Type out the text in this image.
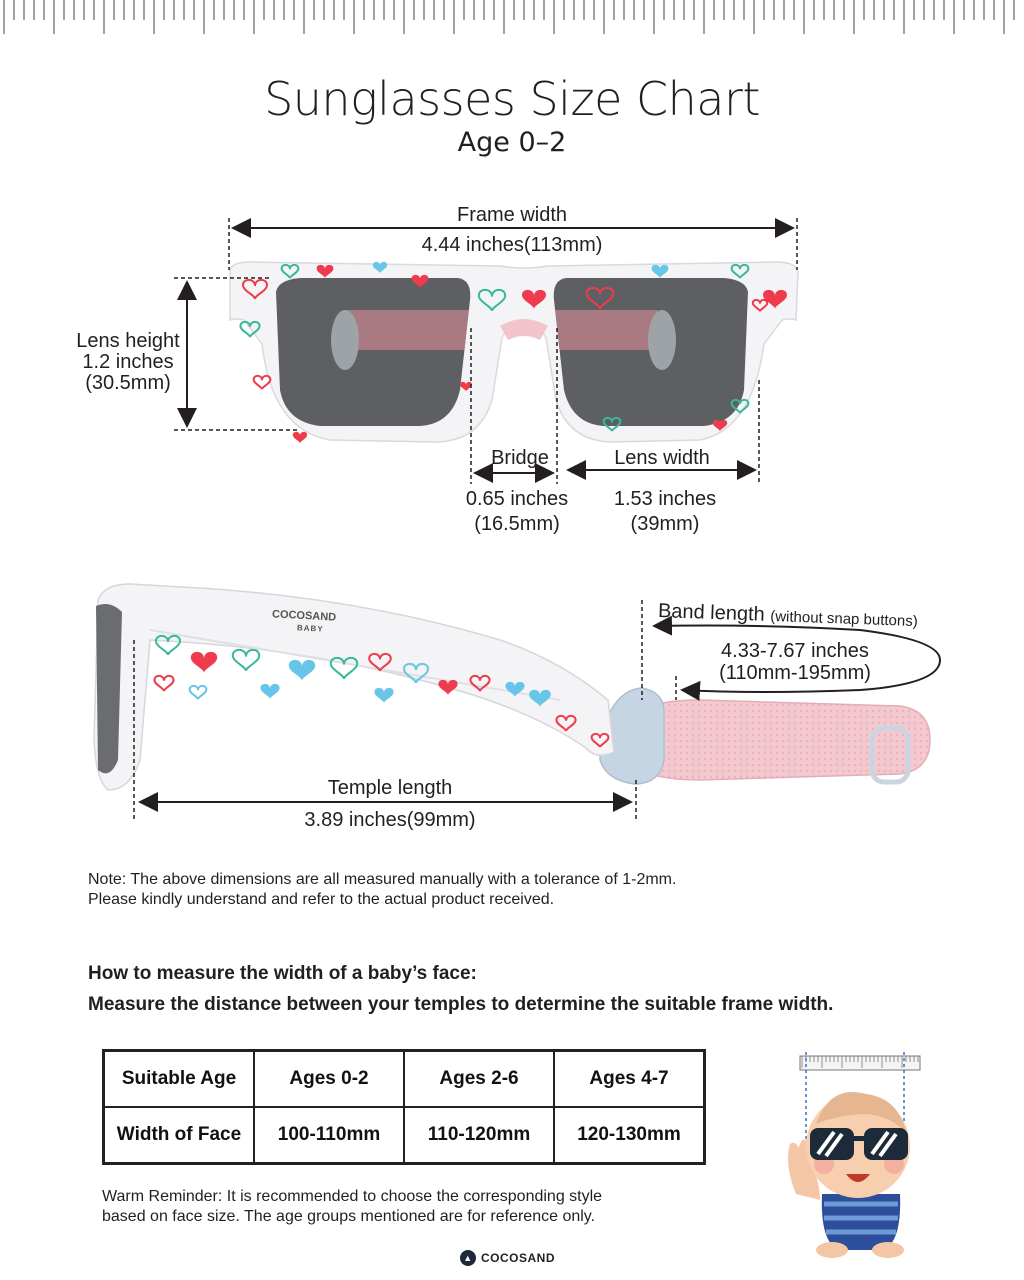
Sunglasses Size Chart
Age 0–2
Frame width
4.44 inches(113mm)
Lens height
1.2 inches
(30.5mm)
Bridge
0.65 inches
(16.5mm)
Lens width
1.53 inches
(39mm)
COCOSAND
BABY
Band length (without snap buttons)
4.33-7.67 inches
(110mm-195mm)
Temple length
3.89 inches(99mm)
Note: The above dimensions are all measured manually with a tolerance of 1-2mm.
Please kindly understand and refer to the actual product received.
How to measure the width of a baby’s face:
Measure the distance between your temples to determine the suitable frame width.
Suitable Age	Ages 0-2	Ages 2-6	Ages 4-7
Width of Face	100-110mm	110-120mm	120-130mm
Warm Reminder: It is recommended to choose the corresponding style
based on face size. The age groups mentioned are for reference only.
▲ COCOSAND
